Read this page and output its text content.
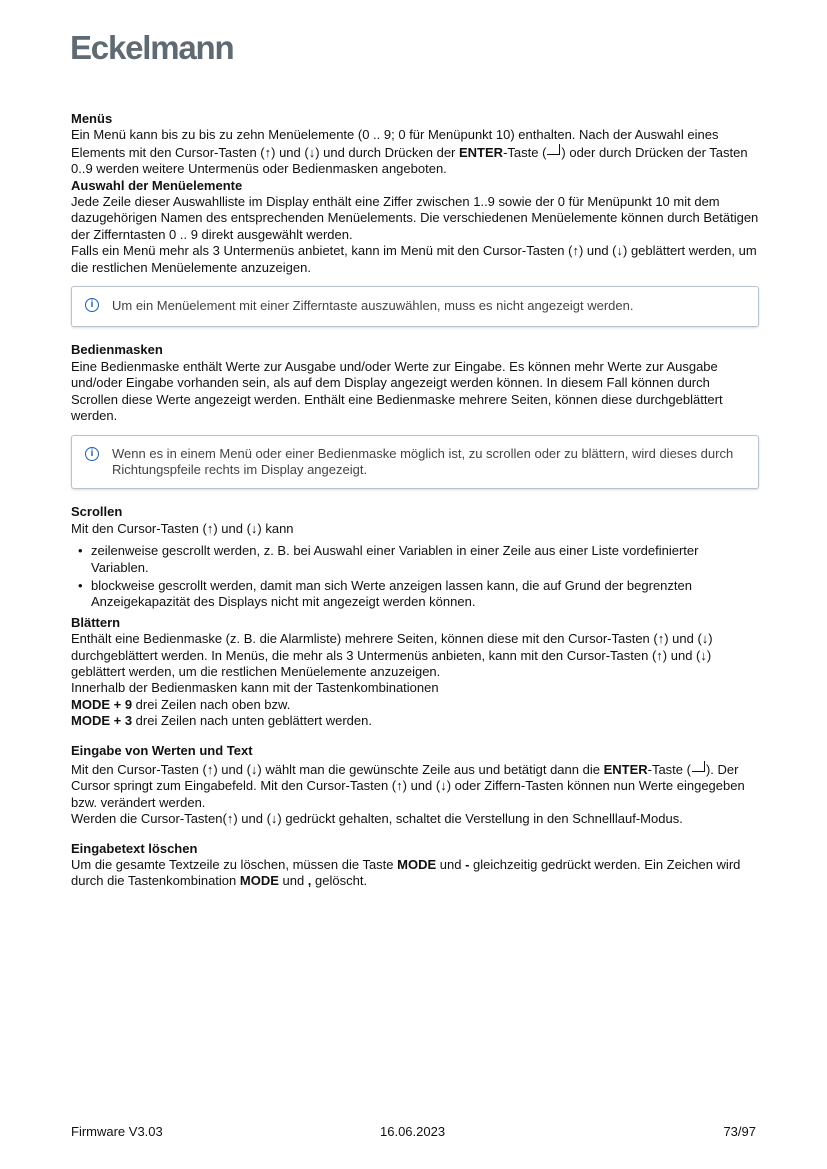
Eckelmann
Menüs

Ein Menü kann bis zu bis zu zehn Menüelemente (0 .. 9; 0 für Menüpunkt 10) enthalten. Nach der Auswahl eines Elements mit den Cursor-Tasten (↑) und (↓) und durch Drücken der ENTER-Taste ( ) oder durch Drücken der Tasten 0..9 werden weitere Untermenüs oder Bedienmasken angeboten.

Auswahl der Menüelemente

Jede Zeile dieser Auswahlliste im Display enthält eine Ziffer zwischen 1..9 sowie der 0 für Menüpunkt 10 mit dem dazugehörigen Namen des entsprechenden Menüelements. Die verschiedenen Menüelemente können durch Betätigen der Zifferntasten 0 .. 9 direkt ausgewählt werden.

Falls ein Menü mehr als 3 Untermenüs anbietet, kann im Menü mit den Cursor-Tasten (↑) und (↓) geblättert werden, um die restlichen Menüelemente anzuzeigen.

i	Um ein Menüelement mit einer Zifferntaste auszuwählen, muss es nicht angezeigt werden.
Bedienmasken

Eine Bedienmaske enthält Werte zur Ausgabe und/oder Werte zur Eingabe. Es können mehr Werte zur Ausgabe und/oder Eingabe vorhanden sein, als auf dem Display angezeigt werden können. In diesem Fall können durch Scrollen diese Werte angezeigt werden. Enthält eine Bedienmaske mehrere Seiten, können diese durchgeblättert werden.

i	Wenn es in einem Menü oder einer Bedienmaske möglich ist, zu scrollen oder zu blättern, wird dieses durch Richtungspfeile rechts im Display angezeigt.
Scrollen

Mit den Cursor-Tasten (↑) und (↓) kann

• zeilenweise gescrollt werden, z. B. bei Auswahl einer Variablen in einer Zeile aus einer Liste vordefinierter Variablen.
• blockweise gescrollt werden, damit man sich Werte anzeigen lassen kann, die auf Grund der begrenzten Anzeigekapazität des Displays nicht mit angezeigt werden können.
Blättern

Enthält eine Bedienmaske (z. B. die Alarmliste) mehrere Seiten, können diese mit den Cursor-Tasten (↑) und (↓) durchgeblättert werden. In Menüs, die mehr als 3 Untermenüs anbieten, kann mit den Cursor-Tasten (↑) und (↓) geblättert werden, um die restlichen Menüelemente anzuzeigen.

Innerhalb der Bedienmasken kann mit der Tastenkombinationen

MODE + 9 drei Zeilen nach oben bzw.

MODE + 3 drei Zeilen nach unten geblättert werden.

Eingabe von Werten und Text

Mit den Cursor-Tasten (↑) und (↓) wählt man die gewünschte Zeile aus und betätigt dann die ENTER-Taste ( ). Der Cursor springt zum Eingabefeld. Mit den Cursor-Tasten (↑) und (↓) oder Ziffern-Tasten können nun Werte eingegeben bzw. verändert werden.

Werden die Cursor-Tasten(↑) und (↓) gedrückt gehalten, schaltet die Verstellung in den Schnelllauf-Modus.

Eingabetext löschen

Um die gesamte Textzeile zu löschen, müssen die Taste MODE und - gleichzeitig gedrückt werden. Ein Zeichen wird durch die Tastenkombination MODE und , gelöscht.

Firmware V3.03	16.06.2023	73/97
